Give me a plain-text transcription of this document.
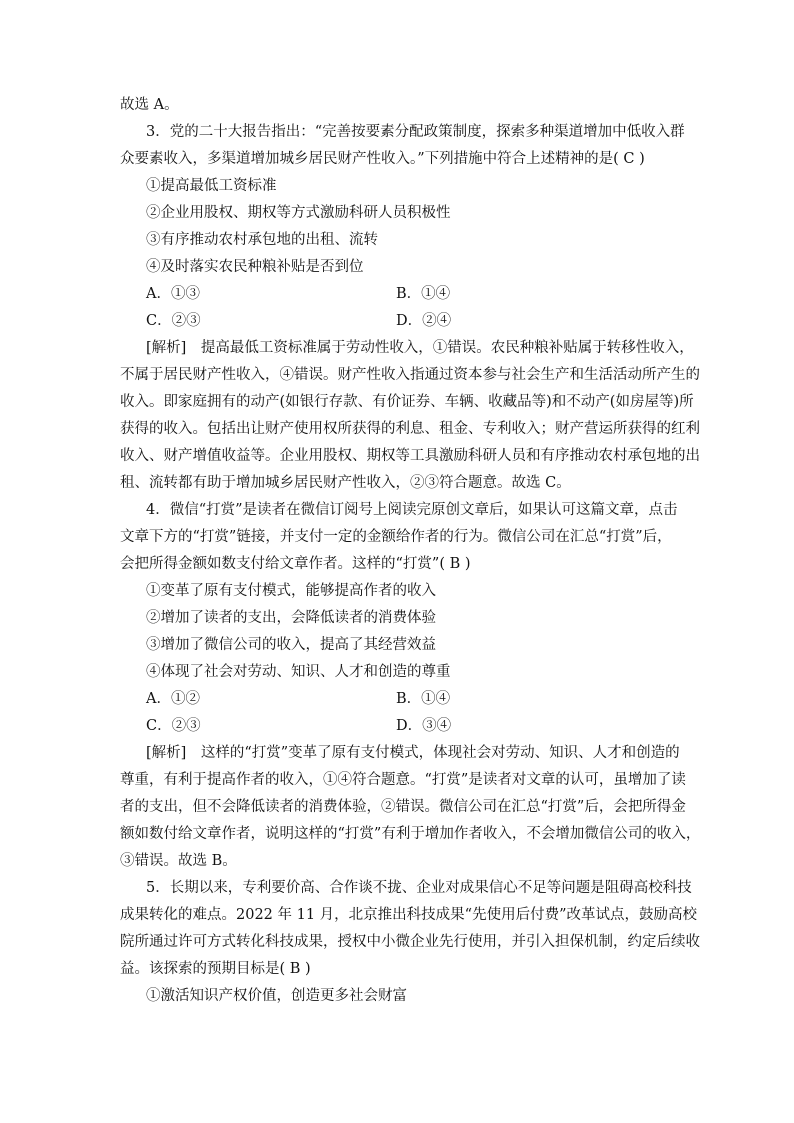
故选 A。
3．党的二十大报告指出：“完善按要素分配政策制度，探索多种渠道增加中低收入群
众要素收入，多渠道增加城乡居民财产性收入。”下列措施中符合上述精神的是( C )
①提高最低工资标准
②企业用股权、期权等方式激励科研人员积极性
③有序推动农村承包地的出租、流转
④及时落实农民种粮补贴是否到位
A．①③	B．①④
C．②③	D．②④
[解析]　提高最低工资标准属于劳动性收入，①错误。农民种粮补贴属于转移性收入，
不属于居民财产性收入，④错误。财产性收入指通过资本参与社会生产和生活活动所产生的
收入。即家庭拥有的动产(如银行存款、有价证券、车辆、收藏品等)和不动产(如房屋等)所
获得的收入。包括出让财产使用权所获得的利息、租金、专利收入；财产营运所获得的红利
收入、财产增值收益等。企业用股权、期权等工具激励科研人员和有序推动农村承包地的出
租、流转都有助于增加城乡居民财产性收入，②③符合题意。故选 C。
4．微信“打赏”是读者在微信订阅号上阅读完原创文章后，如果认可这篇文章，点击
文章下方的“打赏”链接，并支付一定的金额给作者的行为。微信公司在汇总“打赏”后，
会把所得金额如数支付给文章作者。这样的“打赏”( B )
①变革了原有支付模式，能够提高作者的收入
②增加了读者的支出，会降低读者的消费体验
③增加了微信公司的收入，提高了其经营效益
④体现了社会对劳动、知识、人才和创造的尊重
A．①②	B．①④
C．②③	D．③④
[解析]　这样的“打赏”变革了原有支付模式，体现社会对劳动、知识、人才和创造的
尊重，有利于提高作者的收入，①④符合题意。“打赏”是读者对文章的认可，虽增加了读
者的支出，但不会降低读者的消费体验，②错误。微信公司在汇总“打赏”后，会把所得金
额如数付给文章作者，说明这样的“打赏”有利于增加作者收入，不会增加微信公司的收入，
③错误。故选 B。
5．长期以来，专利要价高、合作谈不拢、企业对成果信心不足等问题是阻碍高校科技
成果转化的难点。2022 年 11 月，北京推出科技成果“先使用后付费”改革试点，鼓励高校
院所通过许可方式转化科技成果，授权中小微企业先行使用，并引入担保机制，约定后续收
益。该探索的预期目标是( B )
①激活知识产权价值，创造更多社会财富
